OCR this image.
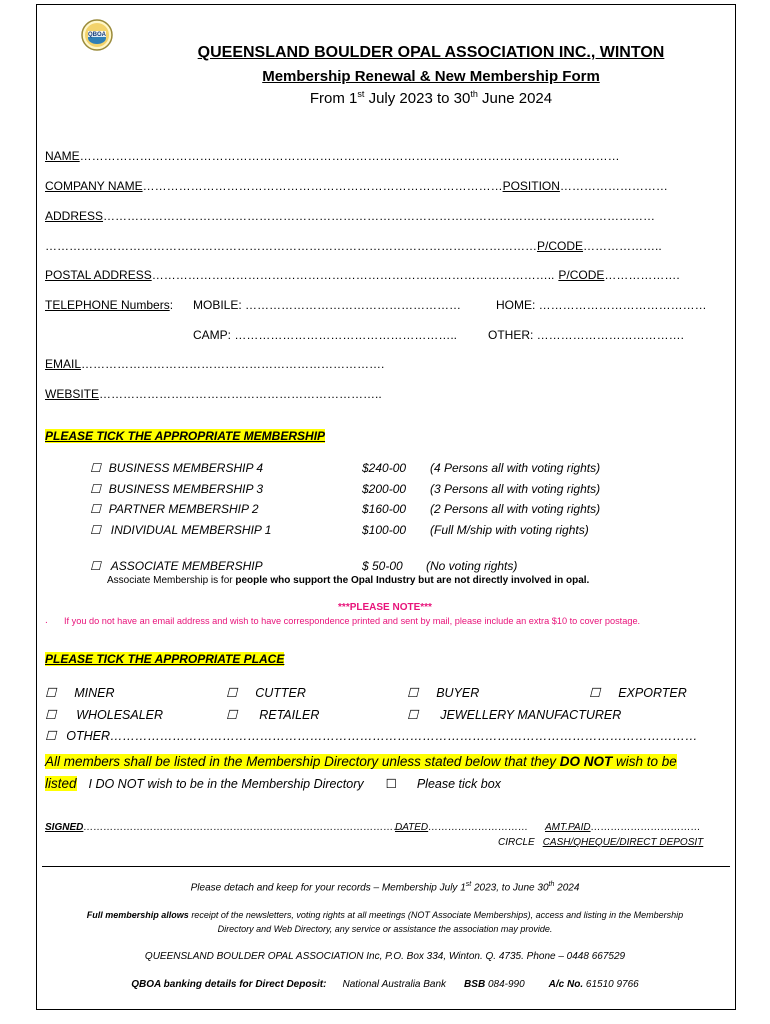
QBOA
QUEENSLAND BOULDER OPAL ASSOCIATION INC., WINTON
Membership Renewal & New Membership Form
From 1st July 2023 to 30th June 2024
NAME………………………………………………………………………………………………………………………
COMPANY NAME………………………………………………………………………………POSITION………………………
ADDRESS…………………………………………………………………………………………………………………………
……………………………………………………………………………………………………………P/CODE………………..
POSTAL ADDRESS……………………………………………………………………………………….. P/CODE……………….
TELEPHONE Numbers: MOBILE: ………………………………………………	HOME: ……………………………………
CAMP: ………………………………………………..	OTHER: ……………………………….
EMAIL………………………………………………………………….
WEBSITE……………………………………………………………..
PLEASE TICK THE APPROPRIATE MEMBERSHIP
☐ BUSINESS MEMBERSHIP 4	$240-00 (4 Persons all with voting rights)
☐ BUSINESS MEMBERSHIP 3	$200-00 (3 Persons all with voting rights)
☐ PARTNER MEMBERSHIP 2	$160-00 (2 Persons all with voting rights)
☐ INDIVIDUAL MEMBERSHIP 1	$100-00 (Full M/ship with voting rights)
☐ ASSOCIATE MEMBERSHIP	$ 50-00 (No voting rights)
Associate Membership is for people who support the Opal Industry but are not directly involved in opal.
***PLEASE NOTE***
. If you do not have an email address and wish to have correspondence printed and sent by mail, please include an extra $10 to cover postage.
PLEASE TICK THE APPROPRIATE PLACE
☐ MINER	☐ CUTTER	☐ BUYER	☐ EXPORTER
☐ WHOLESALER	☐ RETAILER	☐ JEWELLERY MANUFACTURER
☐ OTHER……………………………………………………………………………………………………………………………
All members shall be listed in the Membership Directory unless stated below that they DO NOT wish to be
listed I DO NOT wish to be in the Membership Directory ☐ Please tick box
SIGNED……………………………………………………………………………………
DATED………………………… AMT.PAID……………………………
CIRCLE CASH/QHEQUE/DIRECT DEPOSIT
Please detach and keep for your records – Membership July 1st 2023, to June 30th 2024
Full membership allows receipt of the newsletters, voting rights at all meetings (NOT Associate Memberships), access and listing in the Membership
Directory and Web Directory, any service or assistance the association may provide.
QUEENSLAND BOULDER OPAL ASSOCIATION Inc, P.O. Box 334, Winton. Q. 4735. Phone – 0448 667529
QBOA banking details for Direct Deposit: National Australia Bank BSB 084-990 A/c No. 61510 9766
